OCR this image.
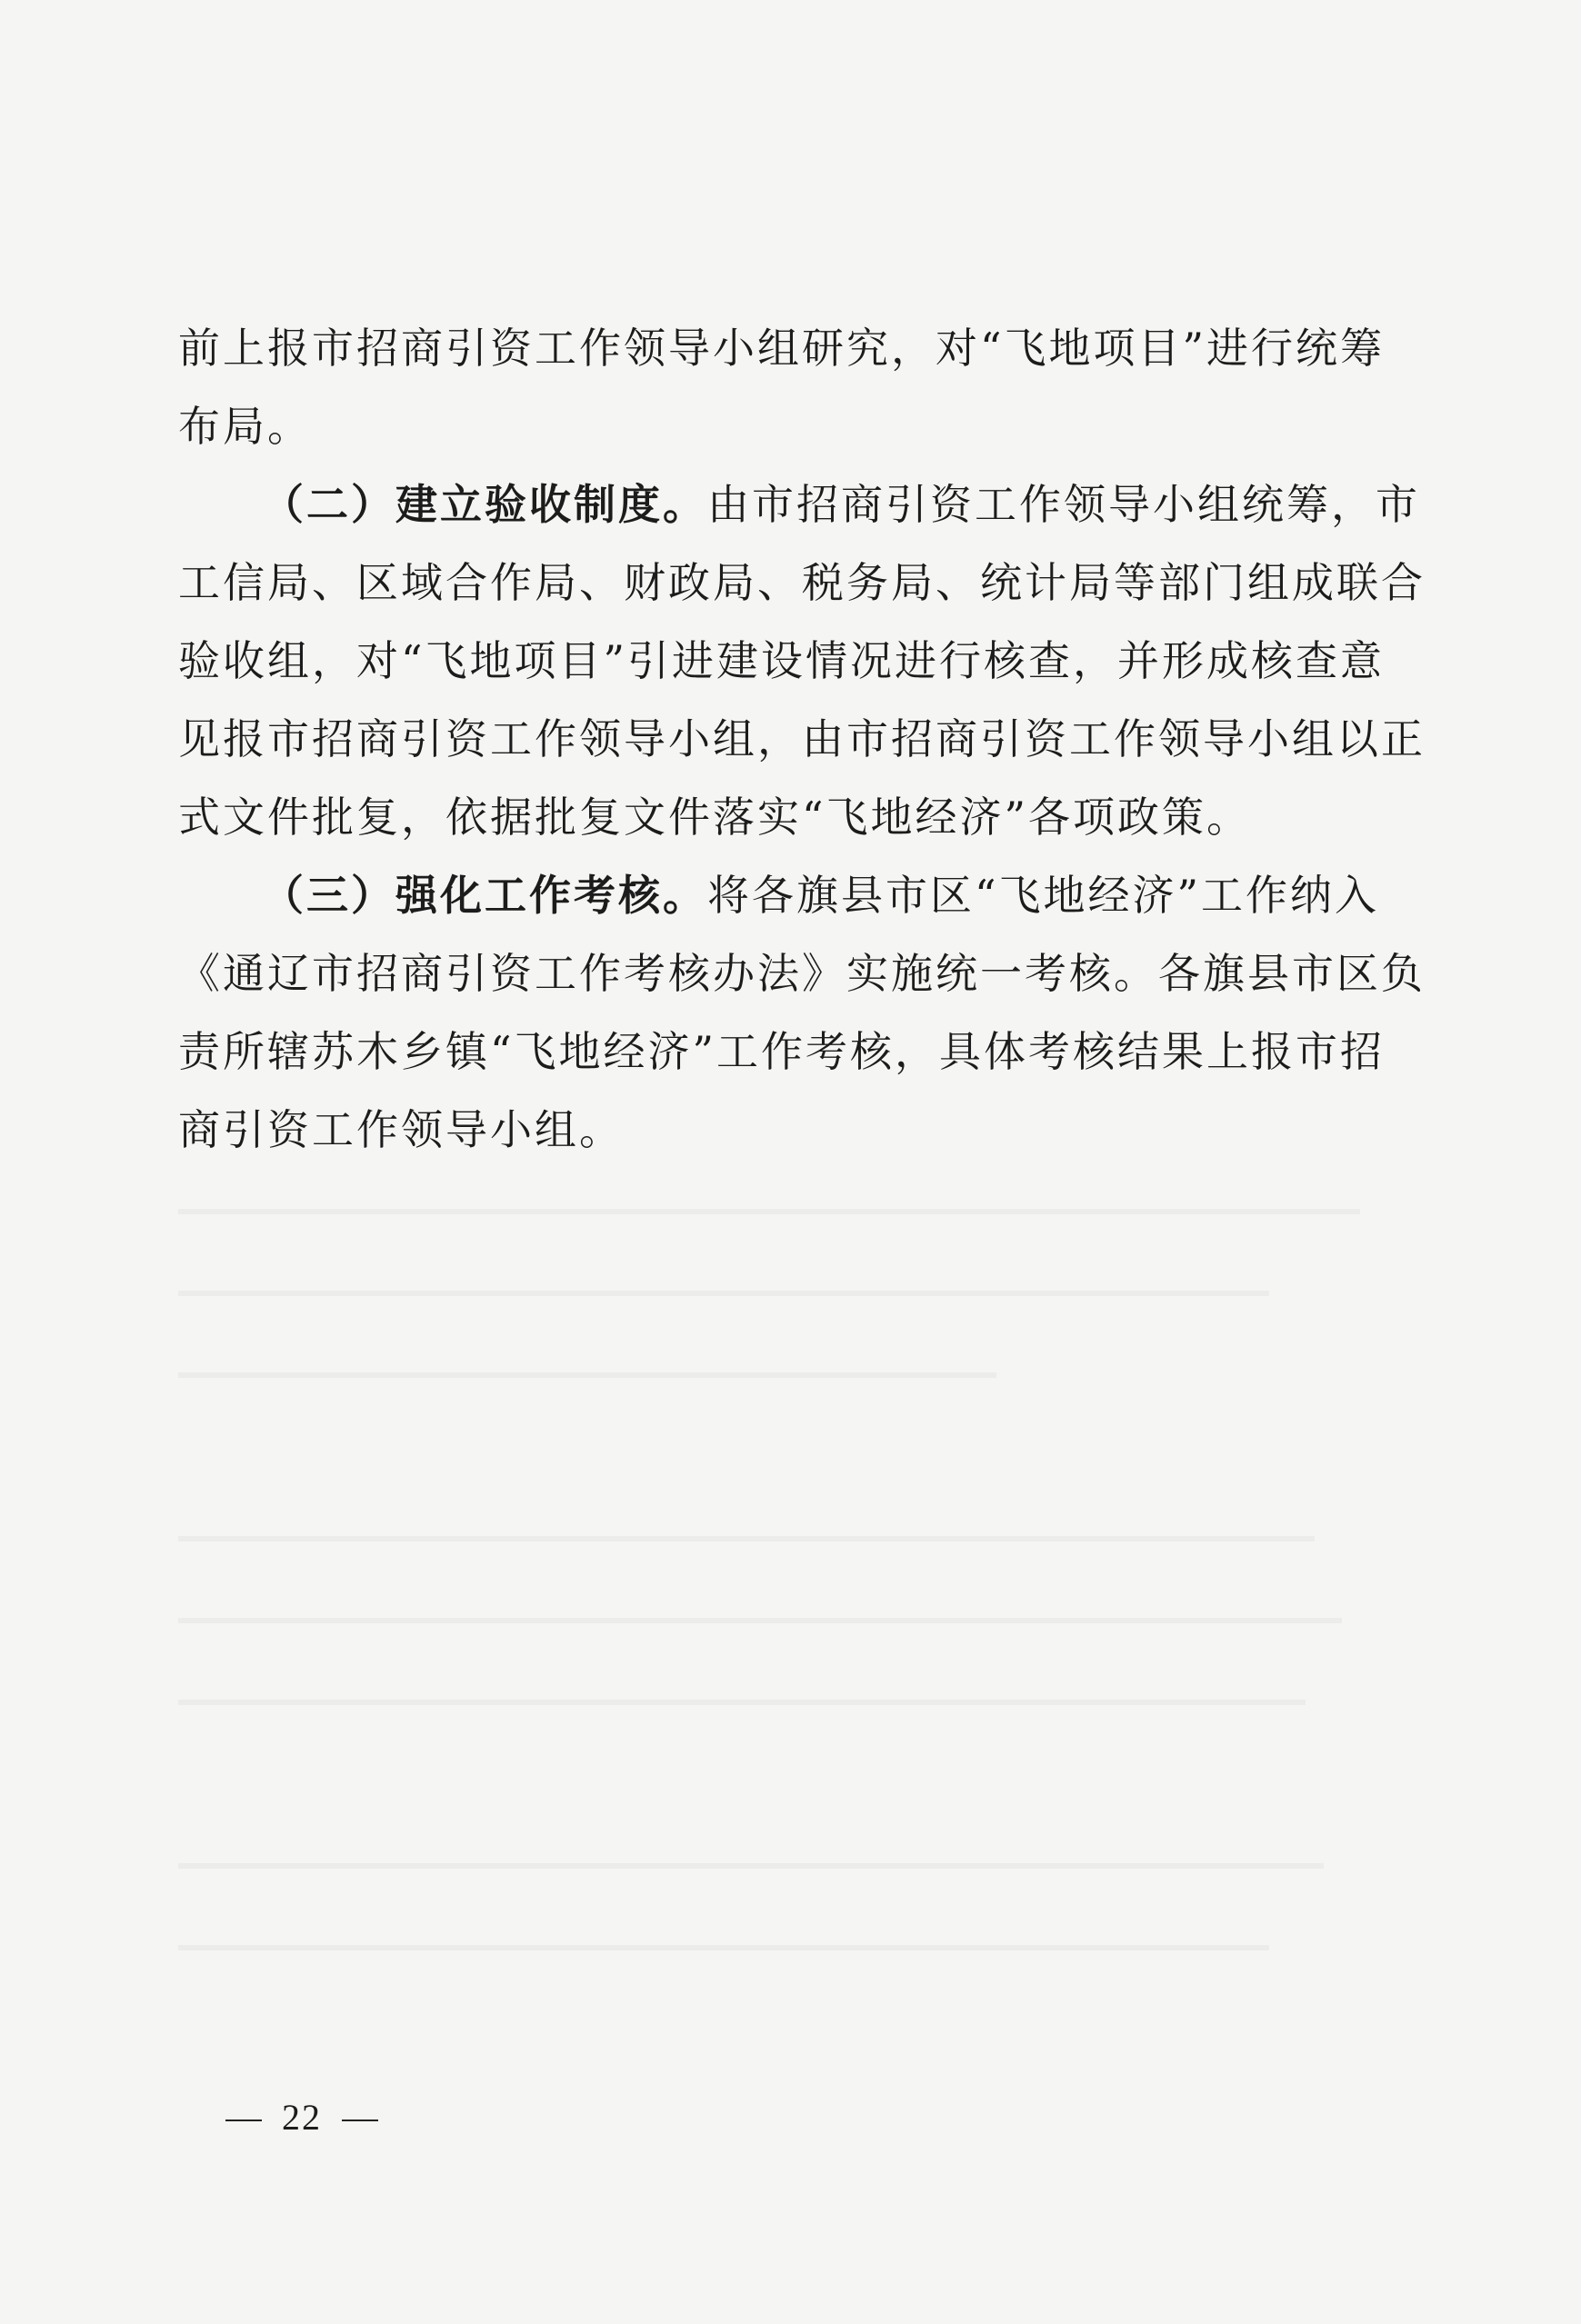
前上报市招商引资工作领导小组研究，对“飞地项目”进行统筹
布局。
（二）建立验收制度。由市招商引资工作领导小组统筹，市
工信局、区域合作局、财政局、税务局、统计局等部门组成联合
验收组，对“飞地项目”引进建设情况进行核查，并形成核查意
见报市招商引资工作领导小组，由市招商引资工作领导小组以正
式文件批复，依据批复文件落实“飞地经济”各项政策。
（三）强化工作考核。将各旗县市区“飞地经济”工作纳入
《通辽市招商引资工作考核办法》实施统一考核。各旗县市区负
责所辖苏木乡镇“飞地经济”工作考核，具体考核结果上报市招
商引资工作领导小组。
22
